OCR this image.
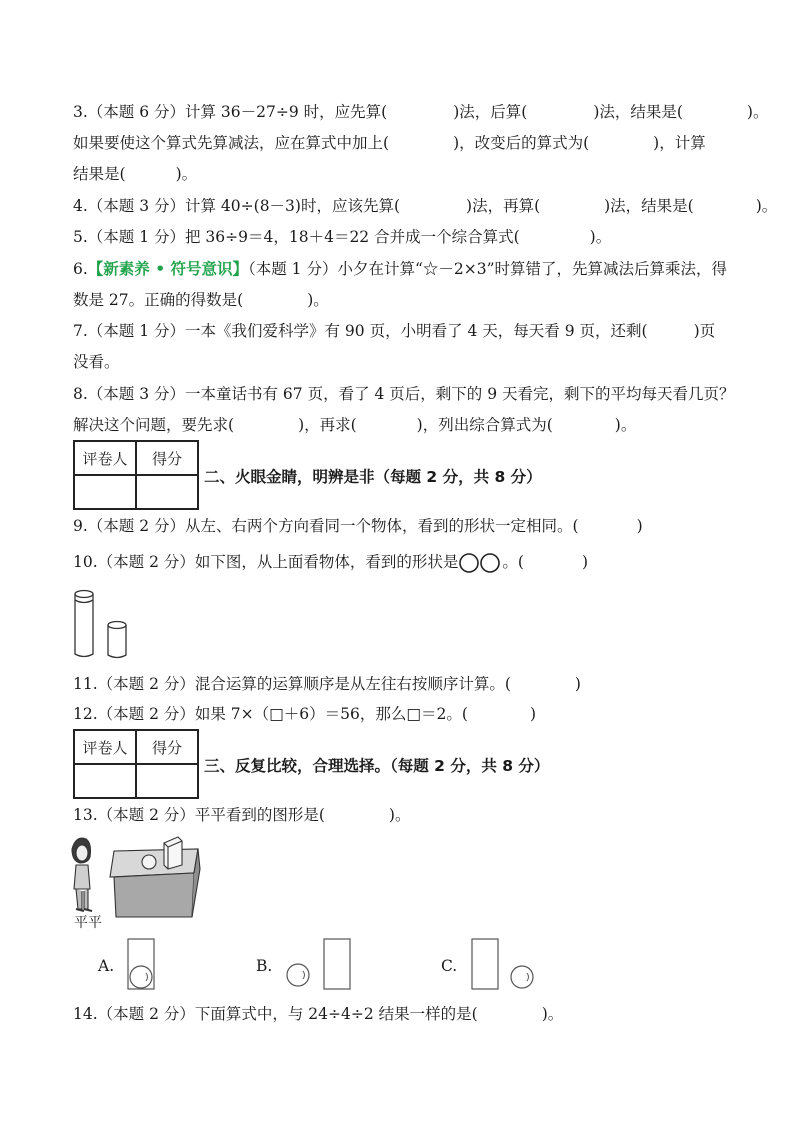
3.（本题 6 分）计算 36－27÷9 时，应先算(	)法，后算(	)法，结果是(	)。
如果要使这个算式先算减法，应在算式中加上(	)，改变后的算式为(	)，计算
结果是(	)。
4.（本题 3 分）计算 40÷(8－3)时，应该先算(	)法，再算(	)法，结果是(	)。
5.（本题 1 分）把 36÷9＝4，18＋4＝22 合并成一个综合算式(	)。
6.【新素养 • 符号意识】（本题 1 分）小夕在计算“☆－2×3”时算错了，先算减法后算乘法，得
数是 27。正确的得数是(	)。
7.（本题 1 分）一本《我们爱科学》有 90 页，小明看了 4 天，每天看 9 页，还剩(	)页
没看。
8.（本题 3 分）一本童话书有 67 页，看了 4 页后，剩下的 9 天看完，剩下的平均每天看几页？
解决这个问题，要先求(	)，再求(	)，列出综合算式为(	)。
评卷人	得分

二、火眼金睛，明辨是非（每题 2 分，共 8 分）
9.（本题 2 分）从左、右两个方向看同一个物体，看到的形状一定相同。(	)
10.（本题 2 分）如下图，从上面看物体，看到的形状是	。(	)
11.（本题 2 分）混合运算的运算顺序是从左往右按顺序计算。(	)
12.（本题 2 分）如果 7×（□＋6）＝56，那么□＝2。(	)
评卷人	得分

三、反复比较，合理选择。（每题 2 分，共 8 分）
13.（本题 2 分）平平看到的图形是(	)。
平平
A.	B.	C.
14.（本题 2 分）下面算式中，与 24÷4÷2 结果一样的是(	)。
